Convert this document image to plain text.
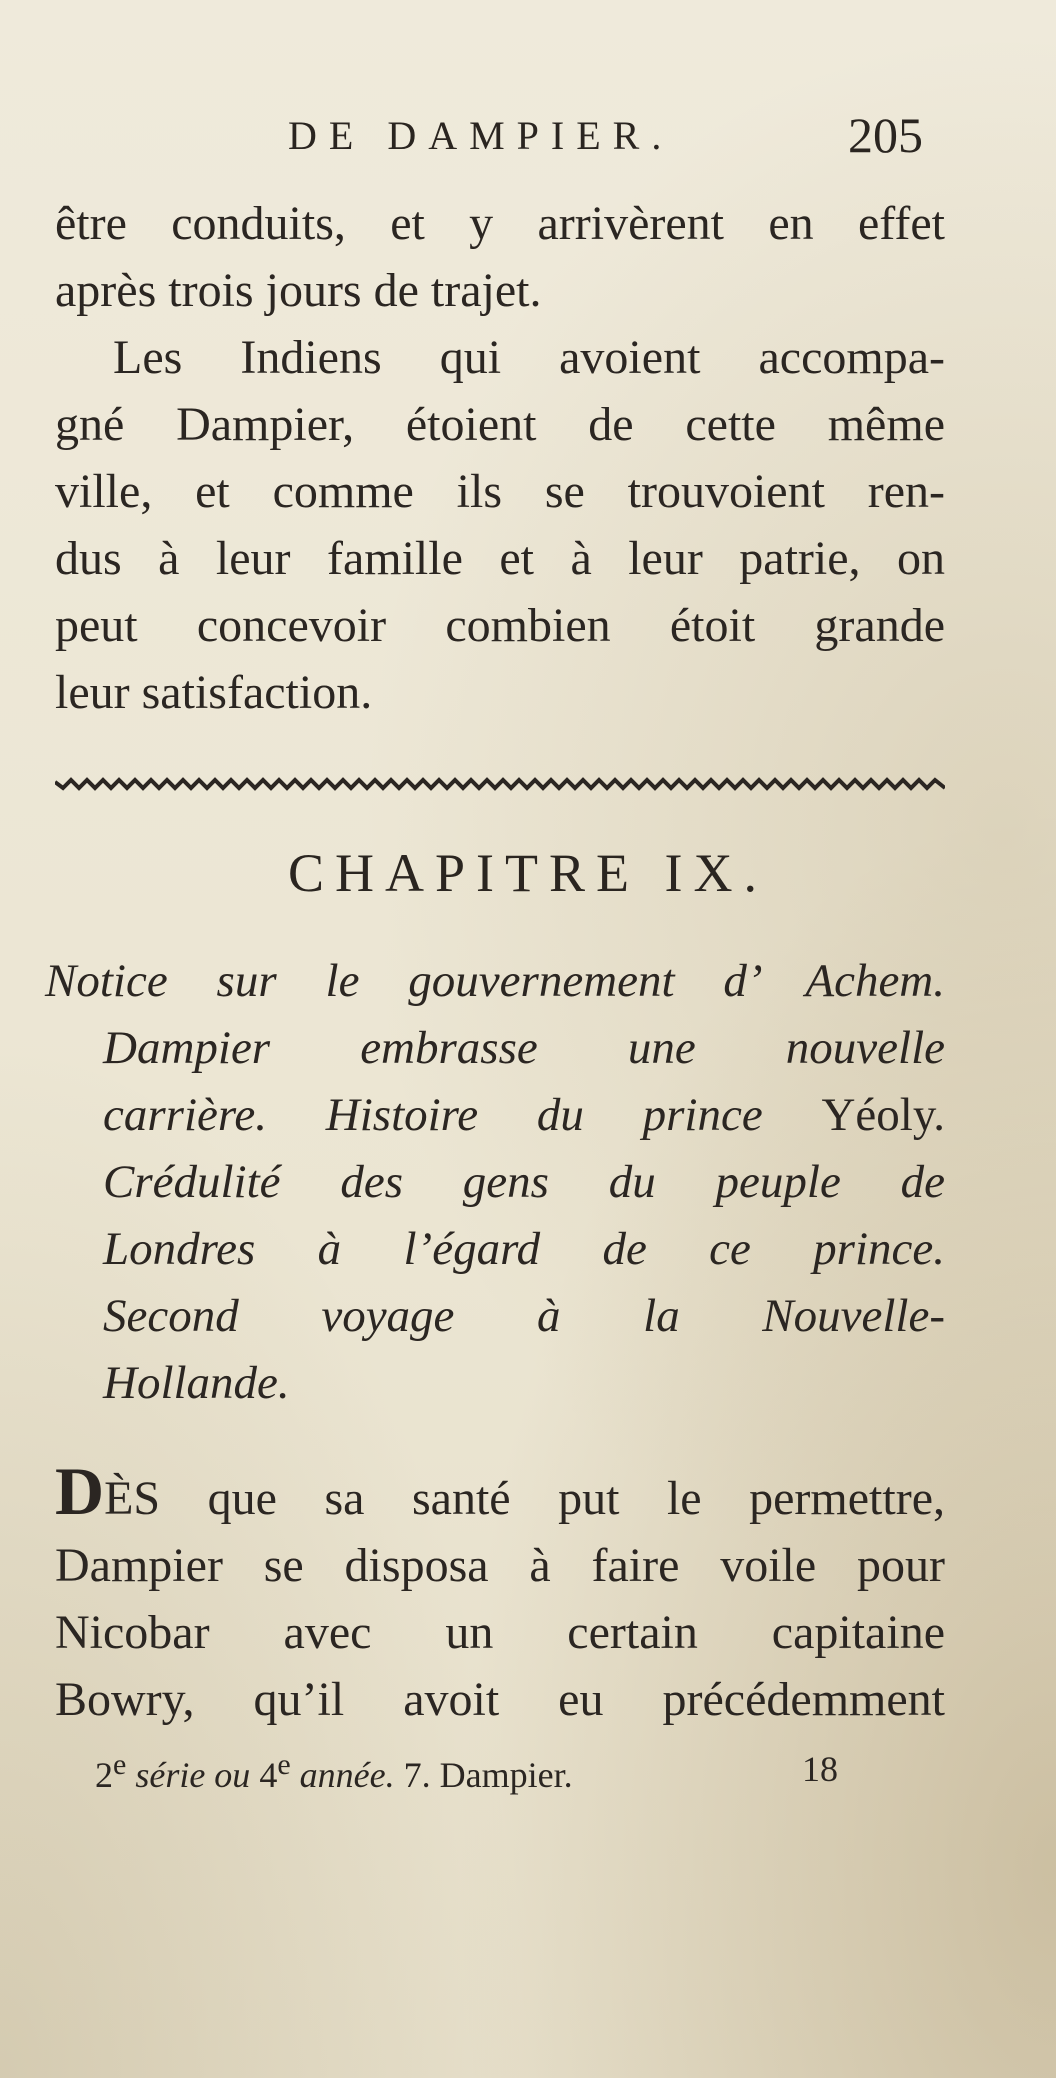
DE DAMPIER.	205
être conduits, et y arrivèrent en effet
après trois jours de trajet.
Les Indiens qui avoient accompa-
gné Dampier, étoient de cette même
ville, et comme ils se trouvoient ren-
dus à leur famille et à leur patrie, on
peut concevoir combien étoit grande
leur satisfaction.
CHAPITRE IX.
Notice sur le gouvernement d’ Achem.
Dampier embrasse une nouvelle
carrière. Histoire du prince Yéoly.
Crédulité des gens du peuple de
Londres à l’égard de ce prince.
Second voyage à la Nouvelle-
Hollande.
DÈS que sa santé put le permettre,
Dampier se disposa à faire voile pour
Nicobar avec un certain capitaine
Bowry, qu’il avoit eu précédemment
2e série ou 4e année. 7. Dampier.	18
